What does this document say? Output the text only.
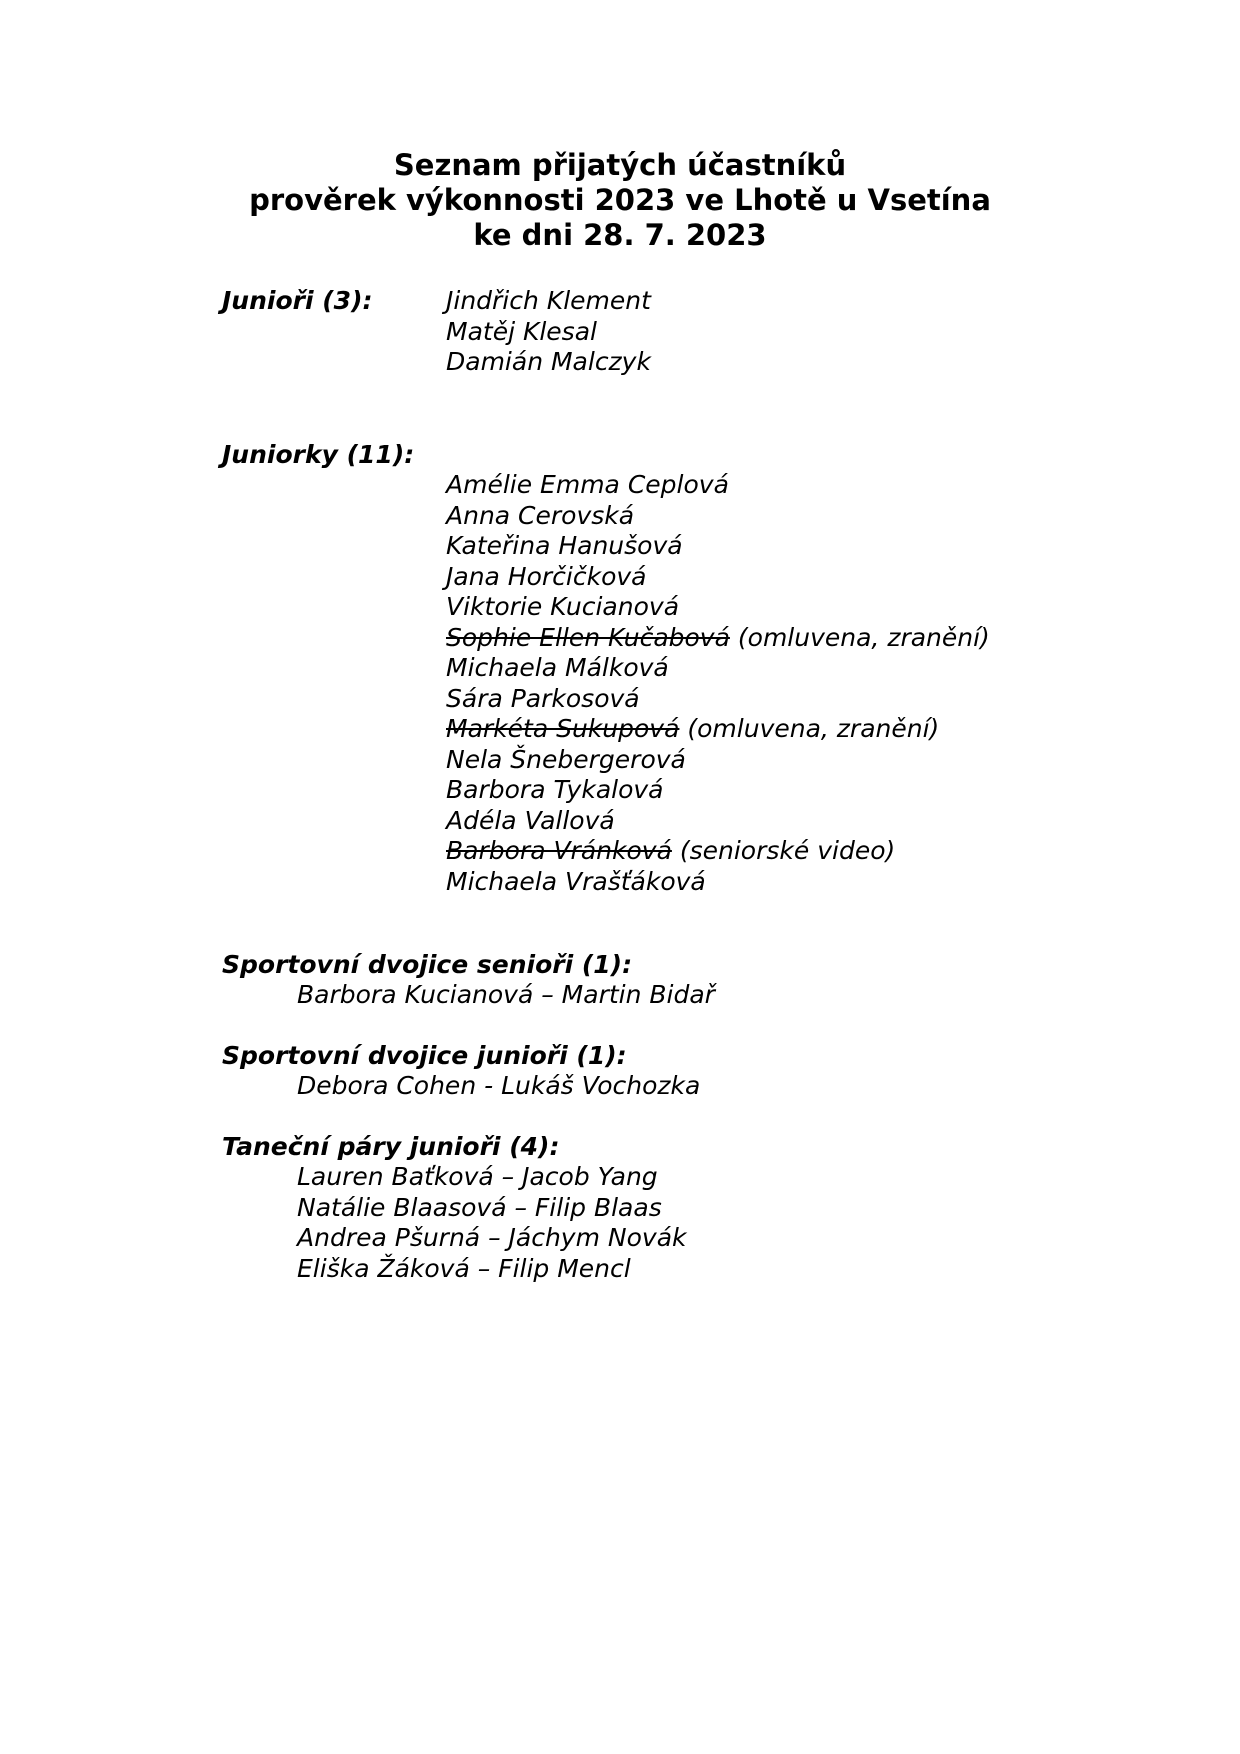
Seznam přijatých účastníků
prověrek výkonnosti 2023 ve Lhotě u Vsetína
ke dni 28. 7. 2023
Junioři (3):	Jindřich Klement
Matěj Klesal
Damián Malczyk
Juniorky (11):
Amélie Emma Ceplová
Anna Cerovská
Kateřina Hanušová
Jana Horčičková
Viktorie Kucianová
Sophie Ellen Kučabová (omluvena, zranění)
Michaela Málková
Sára Parkosová
Markéta Sukupová (omluvena, zranění)
Nela Šnebergerová
Barbora Tykalová
Adéla Vallová
Barbora Vránková (seniorské video)
Michaela Vrašťáková
Sportovní dvojice senioři (1):
Barbora Kucianová – Martin Bidař
Sportovní dvojice junioři (1):
Debora Cohen - Lukáš Vochozka
Taneční páry junioři (4):
Lauren Baťková – Jacob Yang
Natálie Blaasová – Filip Blaas
Andrea Pšurná – Jáchym Novák
Eliška Žáková – Filip Mencl
